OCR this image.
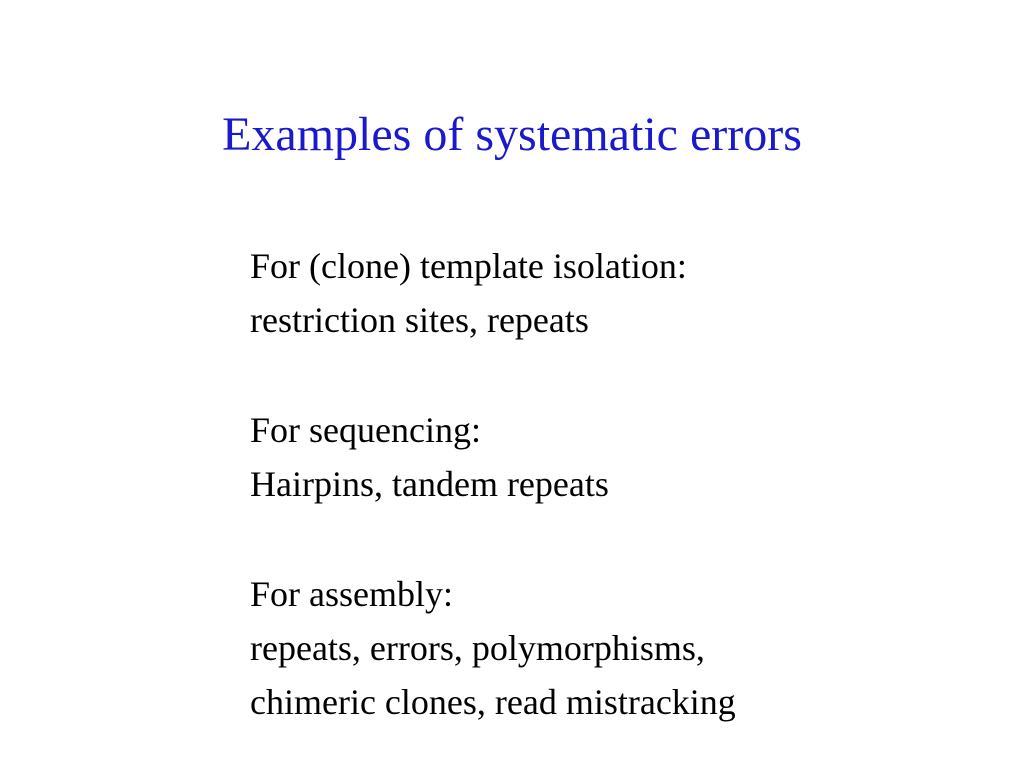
Examples of systematic errors
For (clone) template isolation:
restriction sites, repeats
For sequencing:
Hairpins, tandem repeats
For assembly:
repeats, errors, polymorphisms,
chimeric clones, read mistracking
